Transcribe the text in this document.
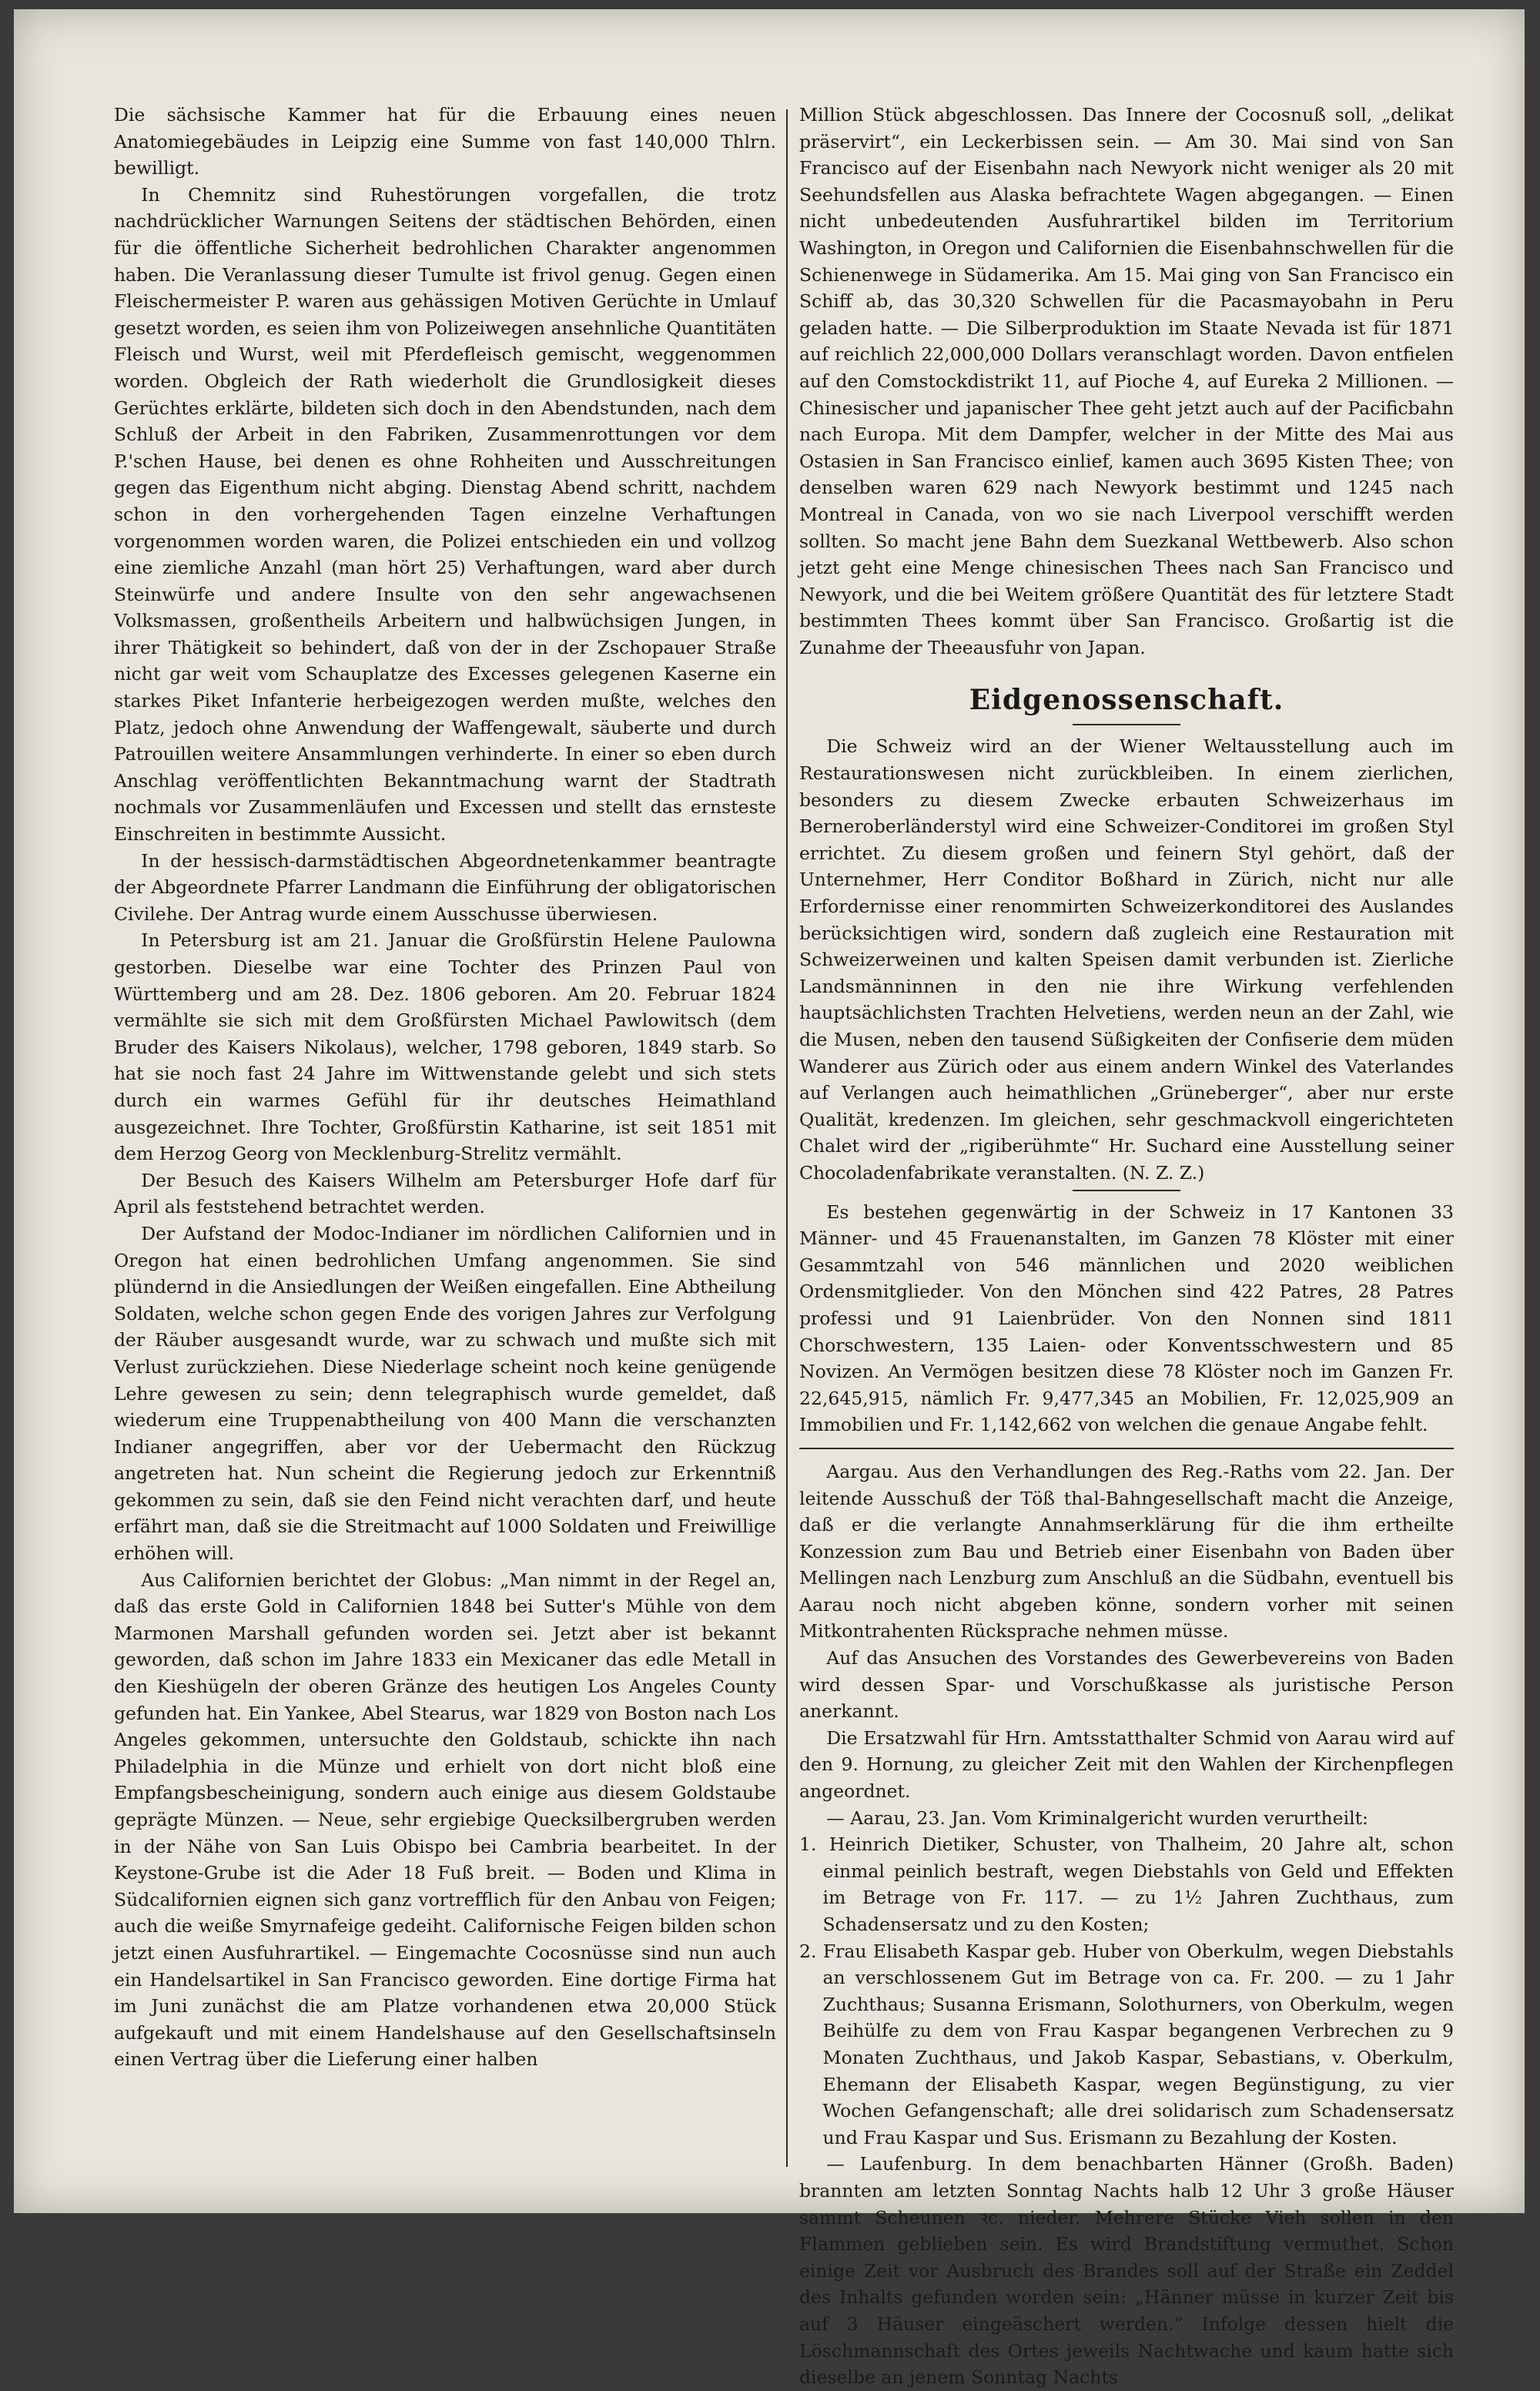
Die sächsische Kammer hat für die Erbauung eines neuen Anatomiegebäudes in Leipzig eine Summe von fast 140,000 Thlrn. bewilligt.

In Chemnitz sind Ruhestörungen vorgefallen, die trotz nachdrücklicher Warnungen Seitens der städtischen Behörden, einen für die öffentliche Sicherheit bedrohlichen Charakter angenommen haben. Die Veranlassung dieser Tumulte ist frivol genug. Gegen einen Fleischermeister P. waren aus gehässigen Motiven Gerüchte in Umlauf gesetzt worden, es seien ihm von Polizeiwegen ansehnliche Quantitäten Fleisch und Wurst, weil mit Pferdefleisch gemischt, weggenommen worden. Obgleich der Rath wiederholt die Grundlosigkeit dieses Gerüchtes erklärte, bildeten sich doch in den Abendstunden, nach dem Schluß der Arbeit in den Fabriken, Zusammenrottungen vor dem P.'schen Hause, bei denen es ohne Rohheiten und Ausschreitungen gegen das Eigenthum nicht abging. Dienstag Abend schritt, nachdem schon in den vorhergehenden Tagen einzelne Verhaftungen vorgenommen worden waren, die Polizei entschieden ein und vollzog eine ziemliche Anzahl (man hört 25) Verhaftungen, ward aber durch Steinwürfe und andere Insulte von den sehr angewachsenen Volksmassen, großentheils Arbeitern und halbwüchsigen Jungen, in ihrer Thätigkeit so behindert, daß von der in der Zschopauer Straße nicht gar weit vom Schauplatze des Excesses gelegenen Kaserne ein starkes Piket Infanterie herbeigezogen werden mußte, welches den Platz, jedoch ohne Anwendung der Waffengewalt, säuberte und durch Patrouillen weitere Ansammlungen verhinderte. In einer so eben durch Anschlag veröffentlichten Bekanntmachung warnt der Stadtrath nochmals vor Zusammenläufen und Excessen und stellt das ernsteste Einschreiten in bestimmte Aussicht.

In der hessisch-darmstädtischen Abgeordnetenkammer beantragte der Abgeordnete Pfarrer Landmann die Einführung der obligatorischen Civilehe. Der Antrag wurde einem Ausschusse überwiesen.

In Petersburg ist am 21. Januar die Großfürstin Helene Paulowna gestorben. Dieselbe war eine Tochter des Prinzen Paul von Württemberg und am 28. Dez. 1806 geboren. Am 20. Februar 1824 vermählte sie sich mit dem Großfürsten Michael Pawlowitsch (dem Bruder des Kaisers Nikolaus), welcher, 1798 geboren, 1849 starb. So hat sie noch fast 24 Jahre im Wittwenstande gelebt und sich stets durch ein warmes Gefühl für ihr deutsches Heimathland ausgezeichnet. Ihre Tochter, Großfürstin Katharine, ist seit 1851 mit dem Herzog Georg von Mecklenburg-Strelitz vermählt.

Der Besuch des Kaisers Wilhelm am Petersburger Hofe darf für April als feststehend betrachtet werden.

Der Aufstand der Modoc-Indianer im nördlichen Californien und in Oregon hat einen bedrohlichen Umfang angenommen. Sie sind plündernd in die Ansiedlungen der Weißen eingefallen. Eine Abtheilung Soldaten, welche schon gegen Ende des vorigen Jahres zur Verfolgung der Räuber ausgesandt wurde, war zu schwach und mußte sich mit Verlust zurückziehen. Diese Niederlage scheint noch keine genügende Lehre gewesen zu sein; denn telegraphisch wurde gemeldet, daß wiederum eine Truppenabtheilung von 400 Mann die verschanzten Indianer angegriffen, aber vor der Uebermacht den Rückzug angetreten hat. Nun scheint die Regierung jedoch zur Erkenntniß gekommen zu sein, daß sie den Feind nicht verachten darf, und heute erfährt man, daß sie die Streitmacht auf 1000 Soldaten und Freiwillige erhöhen will.

Aus Californien berichtet der Globus: „Man nimmt in der Regel an, daß das erste Gold in Californien 1848 bei Sutter's Mühle von dem Marmonen Marshall gefunden worden sei. Jetzt aber ist bekannt geworden, daß schon im Jahre 1833 ein Mexicaner das edle Metall in den Kieshügeln der oberen Gränze des heutigen Los Angeles County gefunden hat. Ein Yankee, Abel Stearus, war 1829 von Boston nach Los Angeles gekommen, untersuchte den Goldstaub, schickte ihn nach Philadelphia in die Münze und erhielt von dort nicht bloß eine Empfangsbescheinigung, sondern auch einige aus diesem Goldstaube geprägte Münzen. — Neue, sehr ergiebige Quecksilbergruben werden in der Nähe von San Luis Obispo bei Cambria bearbeitet. In der Keystone-Grube ist die Ader 18 Fuß breit. — Boden und Klima in Südcalifornien eignen sich ganz vortrefflich für den Anbau von Feigen; auch die weiße Smyrnafeige gedeiht. Californische Feigen bilden schon jetzt einen Ausfuhrartikel. — Eingemachte Cocosnüsse sind nun auch ein Handelsartikel in San Francisco geworden. Eine dortige Firma hat im Juni zunächst die am Platze vorhandenen etwa 20,000 Stück aufgekauft und mit einem Handelshause auf den Gesellschaftsinseln einen Vertrag über die Lieferung einer halben

Million Stück abgeschlossen. Das Innere der Cocosnuß soll, „delikat präservirt“, ein Leckerbissen sein. — Am 30. Mai sind von San Francisco auf der Eisenbahn nach Newyork nicht weniger als 20 mit Seehundsfellen aus Alaska befrachtete Wagen abgegangen. — Einen nicht unbedeutenden Ausfuhrartikel bilden im Territorium Washington, in Oregon und Californien die Eisenbahnschwellen für die Schienenwege in Südamerika. Am 15. Mai ging von San Francisco ein Schiff ab, das 30,320 Schwellen für die Pacasmayobahn in Peru geladen hatte. — Die Silberproduktion im Staate Nevada ist für 1871 auf reichlich 22,000,000 Dollars veranschlagt worden. Davon entfielen auf den Comstockdistrikt 11, auf Pioche 4, auf Eureka 2 Millionen. — Chinesischer und japanischer Thee geht jetzt auch auf der Pacificbahn nach Europa. Mit dem Dampfer, welcher in der Mitte des Mai aus Ostasien in San Francisco einlief, kamen auch 3695 Kisten Thee; von denselben waren 629 nach Newyork bestimmt und 1245 nach Montreal in Canada, von wo sie nach Liverpool verschifft werden sollten. So macht jene Bahn dem Suezkanal Wettbewerb. Also schon jetzt geht eine Menge chinesischen Thees nach San Francisco und Newyork, und die bei Weitem größere Quantität des für letztere Stadt bestimmten Thees kommt über San Francisco. Großartig ist die Zunahme der Theeausfuhr von Japan.

Eidgenossenschaft.

Die Schweiz wird an der Wiener Weltausstellung auch im Restaurationswesen nicht zurückbleiben. In einem zierlichen, besonders zu diesem Zwecke erbauten Schweizerhaus im Berneroberländerstyl wird eine Schweizer-Conditorei im großen Styl errichtet. Zu diesem großen und feinern Styl gehört, daß der Unternehmer, Herr Conditor Boßhard in Zürich, nicht nur alle Erfordernisse einer renommirten Schweizerkonditorei des Auslandes berücksichtigen wird, sondern daß zugleich eine Restauration mit Schweizerweinen und kalten Speisen damit verbunden ist. Zierliche Landsmänninnen in den nie ihre Wirkung verfehlenden hauptsächlichsten Trachten Helvetiens, werden neun an der Zahl, wie die Musen, neben den tausend Süßigkeiten der Confiserie dem müden Wanderer aus Zürich oder aus einem andern Winkel des Vaterlandes auf Verlangen auch heimathlichen „Grüneberger“, aber nur erste Qualität, kredenzen. Im gleichen, sehr geschmackvoll eingerichteten Chalet wird der „rigiberühmte“ Hr. Suchard eine Ausstellung seiner Chocoladenfabrikate veranstalten. (N. Z. Z.)

Es bestehen gegenwärtig in der Schweiz in 17 Kantonen 33 Männer- und 45 Frauenanstalten, im Ganzen 78 Klöster mit einer Gesammtzahl von 546 männlichen und 2020 weiblichen Ordensmitglieder. Von den Mönchen sind 422 Patres, 28 Patres professi und 91 Laienbrüder. Von den Nonnen sind 1811 Chorschwestern, 135 Laien- oder Konventsschwestern und 85 Novizen. An Vermögen besitzen diese 78 Klöster noch im Ganzen Fr. 22,645,915, nämlich Fr. 9,477,345 an Mobilien, Fr. 12,025,909 an Immobilien und Fr. 1,142,662 von welchen die genaue Angabe fehlt.

Aargau. Aus den Verhandlungen des Reg.-Raths vom 22. Jan. Der leitende Ausschuß der Töß thal-Bahngesellschaft macht die Anzeige, daß er die verlangte Annahmserklärung für die ihm ertheilte Konzession zum Bau und Betrieb einer Eisenbahn von Baden über Mellingen nach Lenzburg zum Anschluß an die Südbahn, eventuell bis Aarau noch nicht abgeben könne, sondern vorher mit seinen Mitkontrahenten Rücksprache nehmen müsse.

Auf das Ansuchen des Vorstandes des Gewerbevereins von Baden wird dessen Spar- und Vorschußkasse als juristische Person anerkannt.

Die Ersatzwahl für Hrn. Amtsstatthalter Schmid von Aarau wird auf den 9. Hornung, zu gleicher Zeit mit den Wahlen der Kirchenpflegen angeordnet.

— Aarau, 23. Jan. Vom Kriminalgericht wurden verurtheilt:

1. Heinrich Dietiker, Schuster, von Thalheim, 20 Jahre alt, schon einmal peinlich bestraft, wegen Diebstahls von Geld und Effekten im Betrage von Fr. 117. — zu 1½ Jahren Zuchthaus, zum Schadensersatz und zu den Kosten;

2. Frau Elisabeth Kaspar geb. Huber von Oberkulm, wegen Diebstahls an verschlossenem Gut im Betrage von ca. Fr. 200. — zu 1 Jahr Zuchthaus; Susanna Erismann, Solothurners, von Oberkulm, wegen Beihülfe zu dem von Frau Kaspar begangenen Verbrechen zu 9 Monaten Zuchthaus, und Jakob Kaspar, Sebastians, v. Oberkulm, Ehemann der Elisabeth Kaspar, wegen Begünstigung, zu vier Wochen Gefangenschaft; alle drei solidarisch zum Schadensersatz und Frau Kaspar und Sus. Erismann zu Bezahlung der Kosten.

— Laufenburg. In dem benachbarten Hänner (Großh. Baden) brannten am letzten Sonntag Nachts halb 12 Uhr 3 große Häuser sammt Scheunen ꝛc. nieder. Mehrere Stücke Vieh sollen in den Flammen geblieben sein. Es wird Brandstiftung vermuthet. Schon einige Zeit vor Ausbruch des Brandes soll auf der Straße ein Zeddel des Inhalts gefunden worden sein: „Hänner müsse in kurzer Zeit bis auf 3 Häuser eingeäschert werden.“ Infolge dessen hielt die Löschmannschaft des Ortes jeweils Nachtwache und kaum hatte sich dieselbe an jenem Sonntag Nachts
